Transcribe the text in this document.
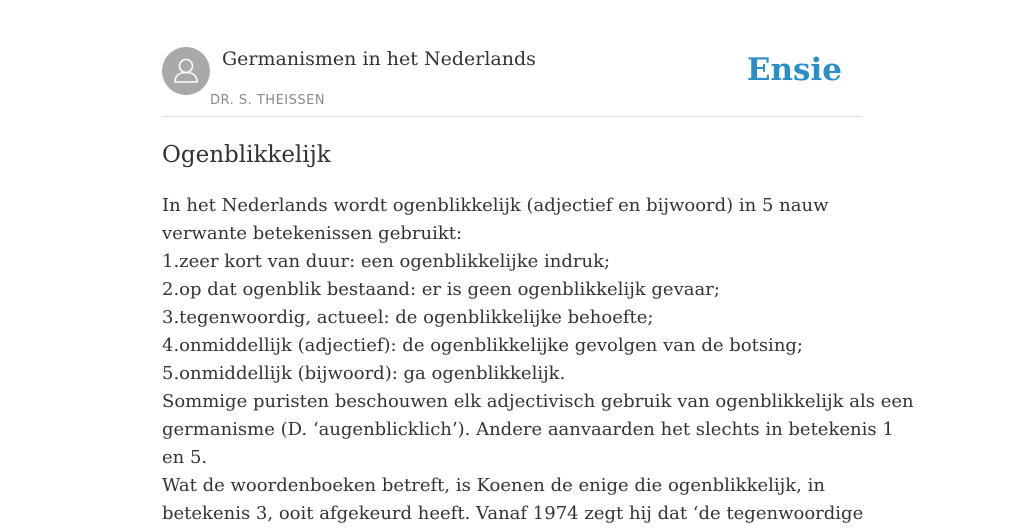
Germanismen in het Nederlands
DR. S. THEISSEN
Ensie
Ogenblikkelijk
In het Nederlands wordt ogenblikkelijk (adjectief en bijwoord) in 5 nauw
verwante betekenissen gebruikt:
1.zeer kort van duur: een ogenblikkelijke indruk;
2.op dat ogenblik bestaand: er is geen ogenblikkelijk gevaar;
3.tegenwoordig, actueel: de ogenblikkelijke behoefte;
4.onmiddellijk (adjectief): de ogenblikkelijke gevolgen van de botsing;
5.onmiddellijk (bijwoord): ga ogenblikkelijk.
Sommige puristen beschouwen elk adjectivisch gebruik van ogenblikkelijk als een
germanisme (D. ‘augenblicklich’). Andere aanvaarden het slechts in betekenis 1
en 5.
Wat de woordenboeken betreft, is Koenen de enige die ogenblikkelijk, in
betekenis 3, ooit afgekeurd heeft. Vanaf 1974 zegt hij dat ‘de tegenwoordige
